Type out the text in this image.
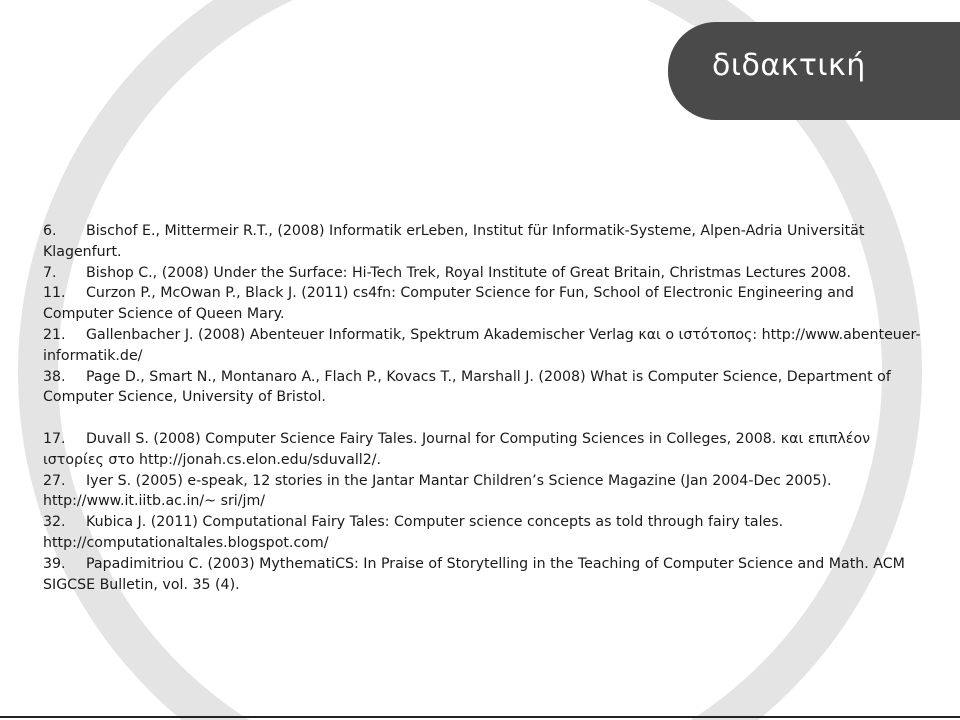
διδακτική

6. Bischof E., Mittermeir R.T., (2008) Informatik erLeben, Institut für Informatik-Systeme, Alpen-Adria Universität Klagenfurt.

7. Bishop C., (2008) Under the Surface: Hi-Tech Trek, Royal Institute of Great Britain, Christmas Lectures 2008.

11. Curzon P., McOwan P., Black J. (2011) cs4fn: Computer Science for Fun, School of Electronic Engineering and Computer Science of Queen Mary.

21. Gallenbacher J. (2008) Abenteuer Informatik, Spektrum Akademischer Verlag και ο ιστότοπος: http://www.abenteuer-informatik.de/

38. Page D., Smart N., Montanaro A., Flach P., Kovacs T., Marshall J. (2008) What is Computer Science, Department of Computer Science, University of Bristol.

17. Duvall S. (2008) Computer Science Fairy Tales. Journal for Computing Sciences in Colleges, 2008. και επιπλέον ιστορίες στο http://jonah.cs.elon.edu/sduvall2/.

27. Iyer S. (2005) e-speak, 12 stories in the Jantar Mantar Children’s Science Magazine (Jan 2004-Dec 2005). http://www.it.iitb.ac.in/~ sri/jm/

32. Kubica J. (2011) Computational Fairy Tales: Computer science concepts as told through fairy tales. http://computationaltales.blogspot.com/

39. Papadimitriou C. (2003) MythematiCS: In Praise of Storytelling in the Teaching of Computer Science and Math. ACM SIGCSE Bulletin, vol. 35 (4).
